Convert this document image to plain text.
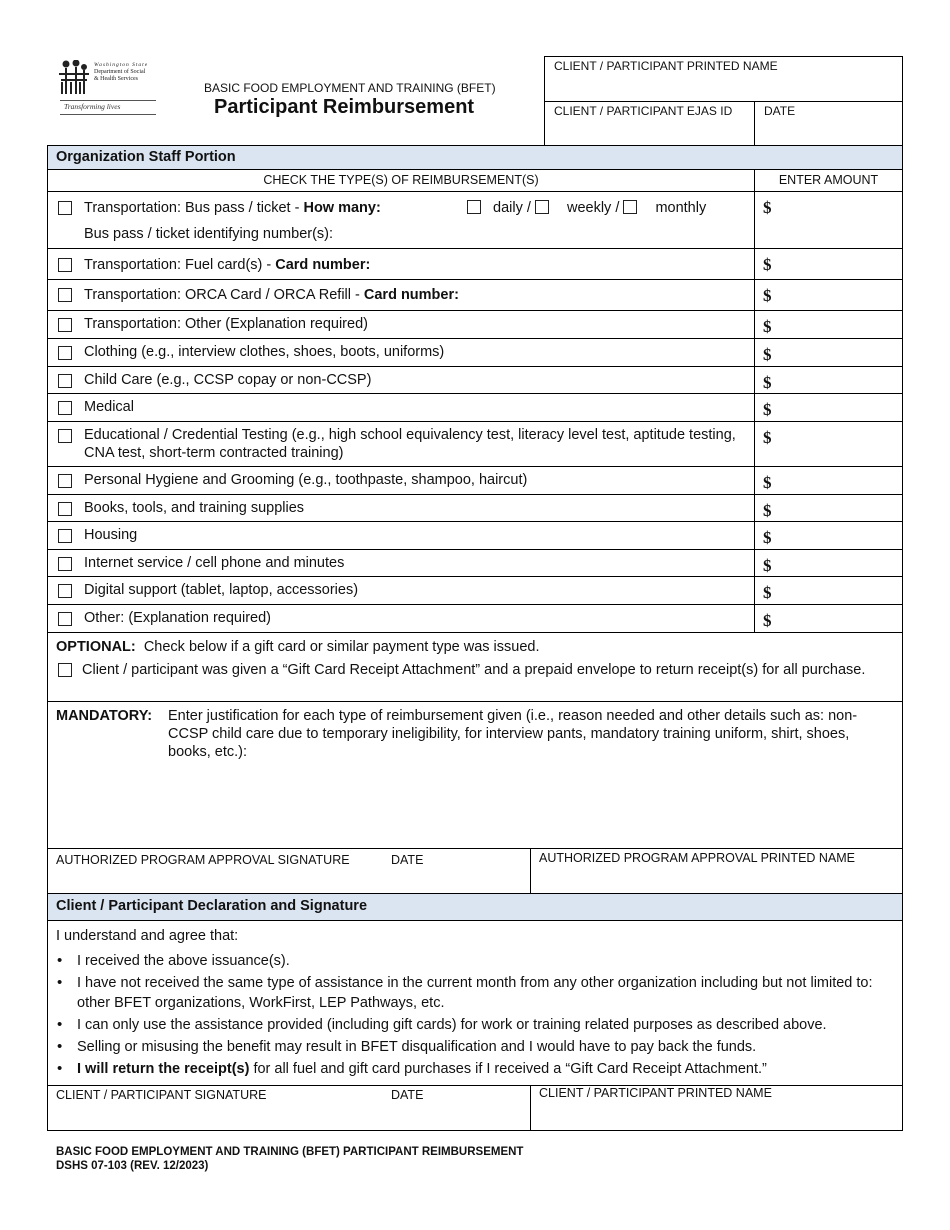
Washington State
Department of Social
& Health Services
Transforming lives
BASIC FOOD EMPLOYMENT AND TRAINING (BFET)
Participant Reimbursement
CLIENT / PARTICIPANT PRINTED NAME
CLIENT / PARTICIPANT EJAS ID	DATE
Organization Staff Portion
CHECK THE TYPE(S) OF REIMBURSEMENT(S)	ENTER AMOUNT
Transportation: Bus pass / ticket - How many:	daily / weekly / monthly
Bus pass / ticket identifying number(s):
$
Transportation: Fuel card(s) - Card number:	$
Transportation: ORCA Card / ORCA Refill - Card number:	$
Transportation: Other (Explanation required)	$
Clothing (e.g., interview clothes, shoes, boots, uniforms)	$
Child Care (e.g., CCSP copay or non-CCSP)	$
Medical	$
Educational / Credential Testing (e.g., high school equivalency test, literacy level test, aptitude testing, CNA test, short-term contracted training)
$
Personal Hygiene and Grooming (e.g., toothpaste, shampoo, haircut)	$
Books, tools, and training supplies	$
Housing	$
Internet service / cell phone and minutes	$
Digital support (tablet, laptop, accessories)	$
Other: (Explanation required)	$
OPTIONAL: Check below if a gift card or similar payment type was issued.
Client / participant was given a “Gift Card Receipt Attachment” and a prepaid envelope to return receipt(s) for all purchase.
MANDATORY:	Enter justification for each type of reimbursement given (i.e., reason needed and other details such as: non-CCSP child care due to temporary ineligibility, for interview pants, mandatory training uniform, shirt, shoes, books, etc.):
AUTHORIZED PROGRAM APPROVAL SIGNATURE	DATE	AUTHORIZED PROGRAM APPROVAL PRINTED NAME
Client / Participant Declaration and Signature
I understand and agree that:
• I received the above issuance(s).
• I have not received the same type of assistance in the current month from any other organization including but not limited to: other BFET organizations, WorkFirst, LEP Pathways, etc.
• I can only use the assistance provided (including gift cards) for work or training related purposes as described above.
• Selling or misusing the benefit may result in BFET disqualification and I would have to pay back the funds.
• I will return the receipt(s) for all fuel and gift card purchases if I received a “Gift Card Receipt Attachment.”
CLIENT / PARTICIPANT SIGNATURE	DATE	CLIENT / PARTICIPANT PRINTED NAME
BASIC FOOD EMPLOYMENT AND TRAINING (BFET) PARTICIPANT REIMBURSEMENT
DSHS 07-103 (REV. 12/2023)
